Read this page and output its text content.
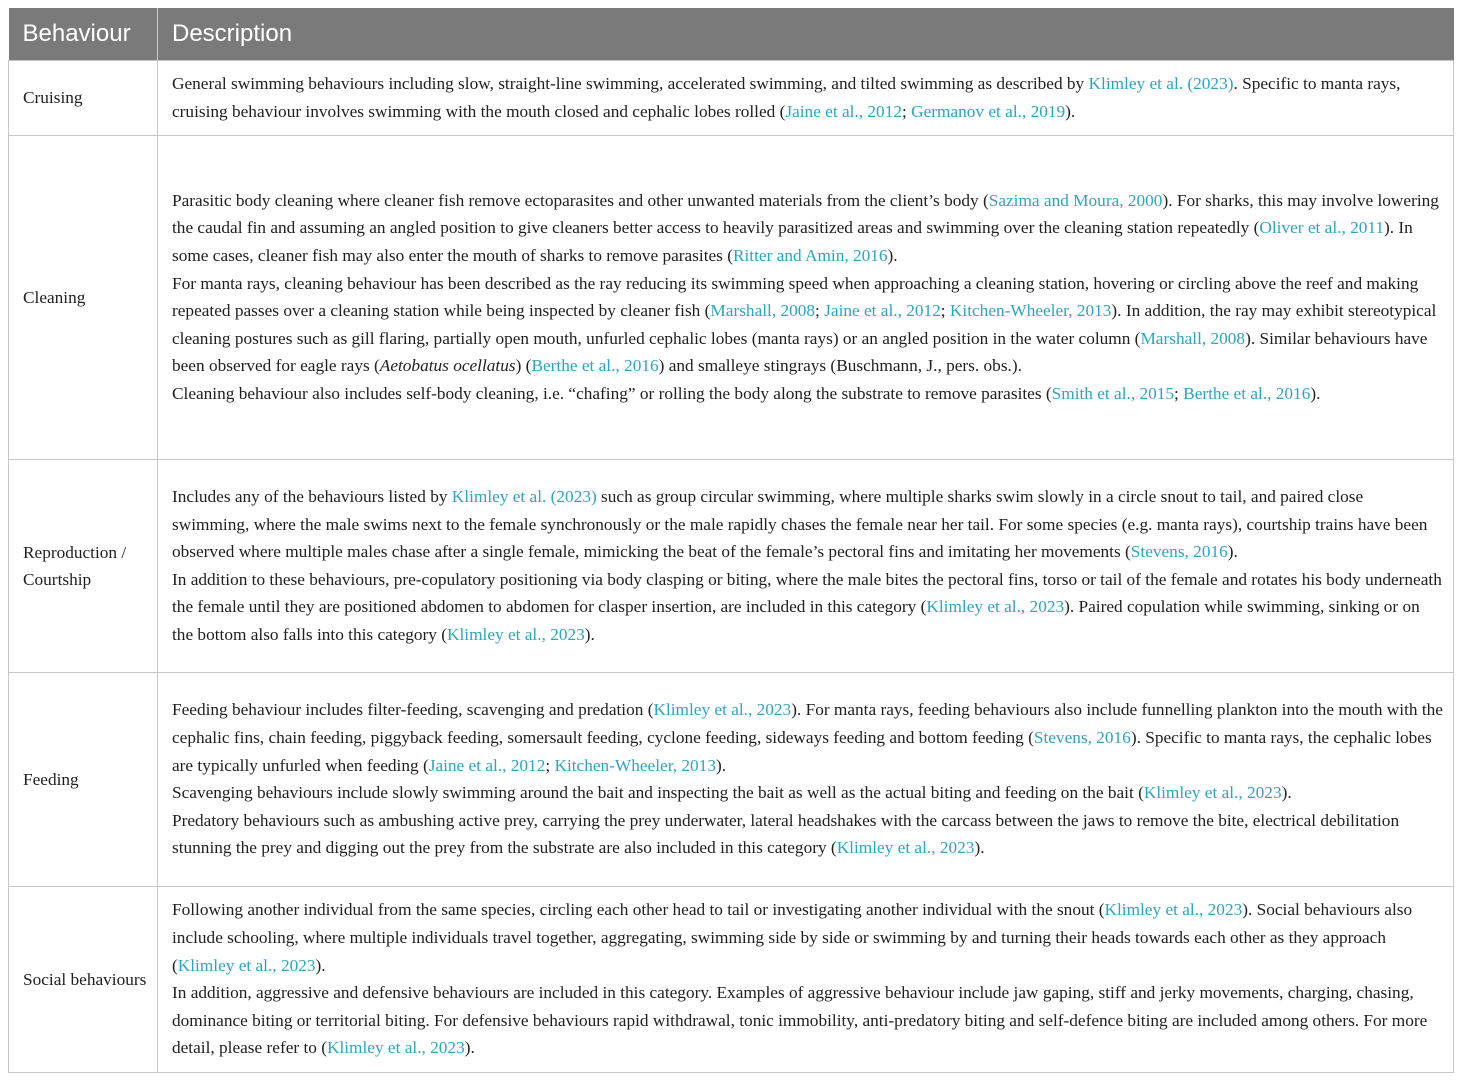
Behaviour	Description
Cruising	General swimming behaviours including slow, straight-line swimming, accelerated swimming, and tilted swimming as described by Klimley et al. (2023). Specific to manta rays, cruising behaviour involves swimming with the mouth closed and cephalic lobes rolled (Jaine et al., 2012; Germanov et al., 2019).

Cleaning	Parasitic body cleaning where cleaner fish remove ectoparasites and other unwanted materials from the client’s body (Sazima and Moura, 2000). For sharks, this may involve lowering the caudal fin and assuming an angled position to give cleaners better access to heavily parasitized areas and swimming over the cleaning station repeatedly (Oliver et al., 2011). In some cases, cleaner fish may also enter the mouth of sharks to remove parasites (Ritter and Amin, 2016).
For manta rays, cleaning behaviour has been described as the ray reducing its swimming speed when approaching a cleaning station, hovering or circling above the reef and making repeated passes over a cleaning station while being inspected by cleaner fish (Marshall, 2008; Jaine et al., 2012; Kitchen-Wheeler, 2013). In addition, the ray may exhibit stereotypical cleaning postures such as gill flaring, partially open mouth, unfurled cephalic lobes (manta rays) or an angled position in the water column (Marshall, 2008). Similar behaviours have been observed for eagle rays (Aetobatus ocellatus) (Berthe et al., 2016) and smalleye stingrays (Buschmann, J., pers. obs.).
Cleaning behaviour also includes self-body cleaning, i.e. “chafing” or rolling the body along the substrate to remove parasites (Smith et al., 2015; Berthe et al., 2016).

Reproduction / Courtship	Includes any of the behaviours listed by Klimley et al. (2023) such as group circular swimming, where multiple sharks swim slowly in a circle snout to tail, and paired close swimming, where the male swims next to the female synchronously or the male rapidly chases the female near her tail. For some species (e.g. manta rays), courtship trains have been observed where multiple males chase after a single female, mimicking the beat of the female’s pectoral fins and imitating her movements (Stevens, 2016).
In addition to these behaviours, pre-copulatory positioning via body clasping or biting, where the male bites the pectoral fins, torso or tail of the female and rotates his body underneath the female until they are positioned abdomen to abdomen for clasper insertion, are included in this category (Klimley et al., 2023). Paired copulation while swimming, sinking or on the bottom also falls into this category (Klimley et al., 2023).

Feeding	Feeding behaviour includes filter-feeding, scavenging and predation (Klimley et al., 2023). For manta rays, feeding behaviours also include funnelling plankton into the mouth with the cephalic fins, chain feeding, piggyback feeding, somersault feeding, cyclone feeding, sideways feeding and bottom feeding (Stevens, 2016). Specific to manta rays, the cephalic lobes are typically unfurled when feeding (Jaine et al., 2012; Kitchen-Wheeler, 2013).
Scavenging behaviours include slowly swimming around the bait and inspecting the bait as well as the actual biting and feeding on the bait (Klimley et al., 2023).
Predatory behaviours such as ambushing active prey, carrying the prey underwater, lateral headshakes with the carcass between the jaws to remove the bite, electrical debilitation stunning the prey and digging out the prey from the substrate are also included in this category (Klimley et al., 2023).

Social behaviours	Following another individual from the same species, circling each other head to tail or investigating another individual with the snout (Klimley et al., 2023). Social behaviours also include schooling, where multiple individuals travel together, aggregating, swimming side by side or swimming by and turning their heads towards each other as they approach (Klimley et al., 2023).
In addition, aggressive and defensive behaviours are included in this category. Examples of aggressive behaviour include jaw gaping, stiff and jerky movements, charging, chasing, dominance biting or territorial biting. For defensive behaviours rapid withdrawal, tonic immobility, anti-predatory biting and self-defence biting are included among others. For more detail, please refer to (Klimley et al., 2023).
